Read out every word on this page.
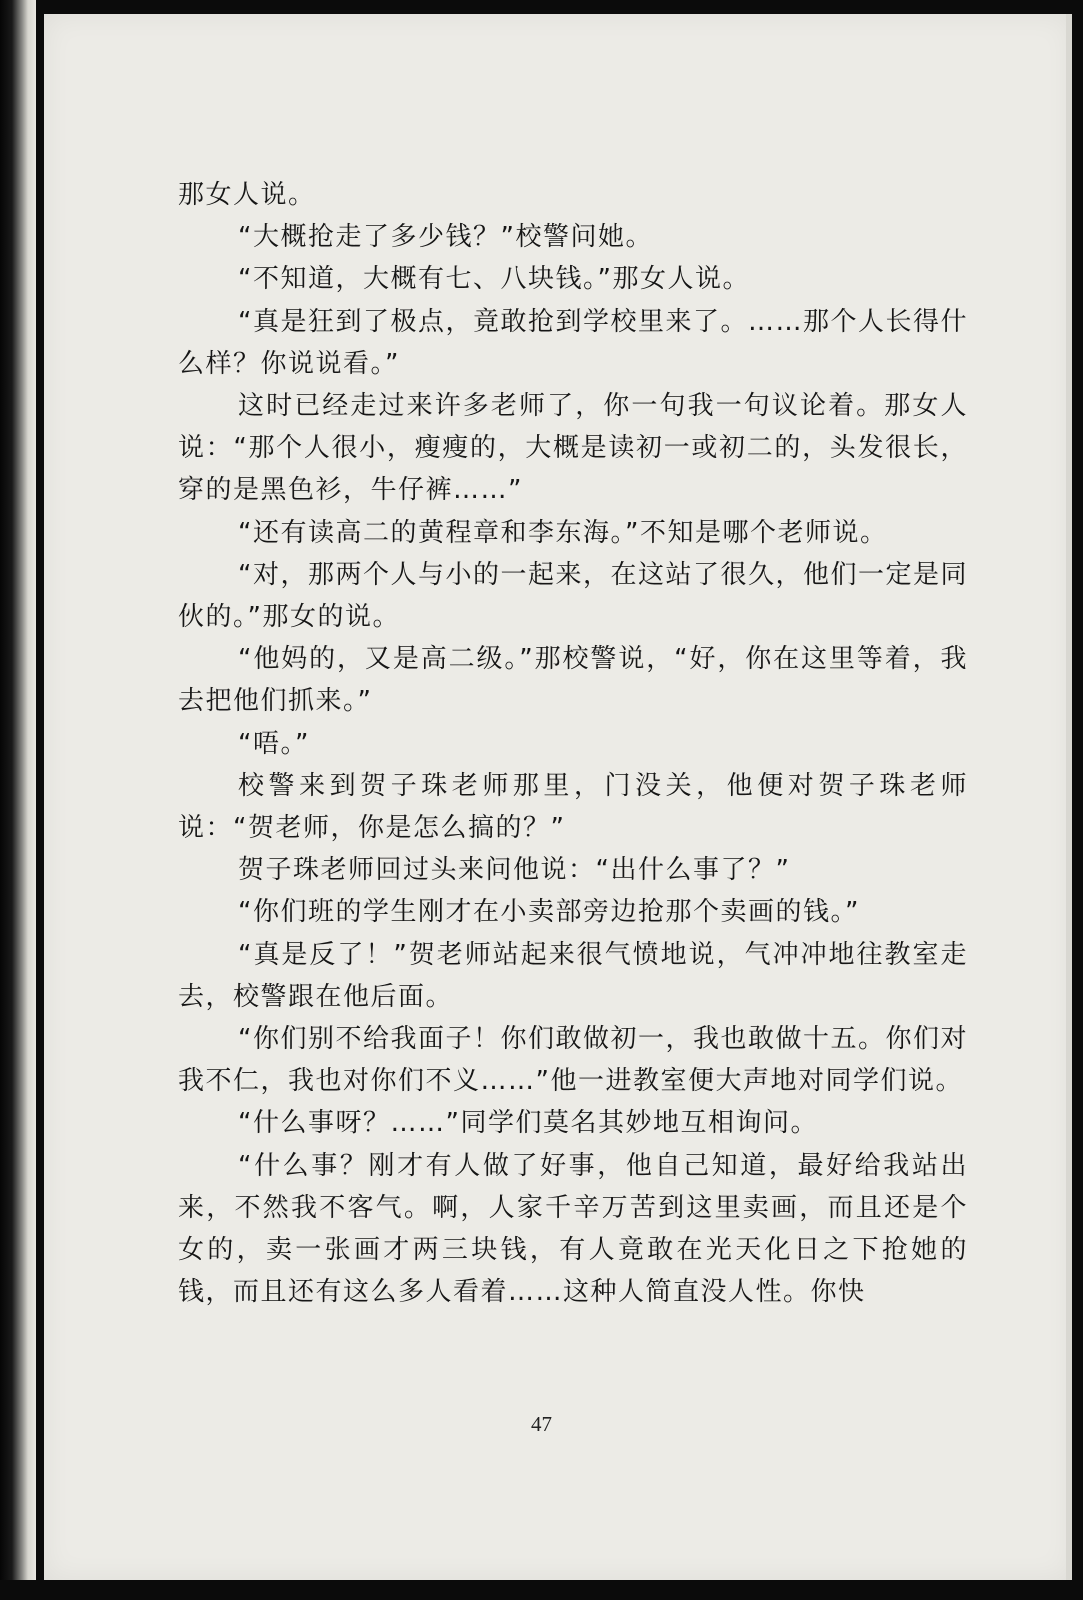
那女人说。

“大概抢走了多少钱？”校警问她。

“不知道，大概有七、八块钱。”那女人说。

“真是狂到了极点，竟敢抢到学校里来了。……那个人长得什么样？你说说看。”

这时已经走过来许多老师了，你一句我一句议论着。那女人说：“那个人很小，瘦瘦的，大概是读初一或初二的，头发很长，穿的是黑色衫，牛仔裤……”

“还有读高二的黄程章和李东海。”不知是哪个老师说。

“对，那两个人与小的一起来，在这站了很久，他们一定是同伙的。”那女的说。

“他妈的，又是高二级。”那校警说，“好，你在这里等着，我去把他们抓来。”

“唔。”

校警来到贺子珠老师那里，门没关，他便对贺子珠老师说：“贺老师，你是怎么搞的？”

贺子珠老师回过头来问他说：“出什么事了？”

“你们班的学生刚才在小卖部旁边抢那个卖画的钱。”

“真是反了！”贺老师站起来很气愤地说，气冲冲地往教室走去，校警跟在他后面。

“你们别不给我面子！你们敢做初一，我也敢做十五。你们对我不仁，我也对你们不义……”他一进教室便大声地对同学们说。

“什么事呀？……”同学们莫名其妙地互相询问。

“什么事？刚才有人做了好事，他自己知道，最好给我站出来，不然我不客气。啊，人家千辛万苦到这里卖画，而且还是个女的，卖一张画才两三块钱，有人竟敢在光天化日之下抢她的钱，而且还有这么多人看着……这种人简直没人性。你快

47
